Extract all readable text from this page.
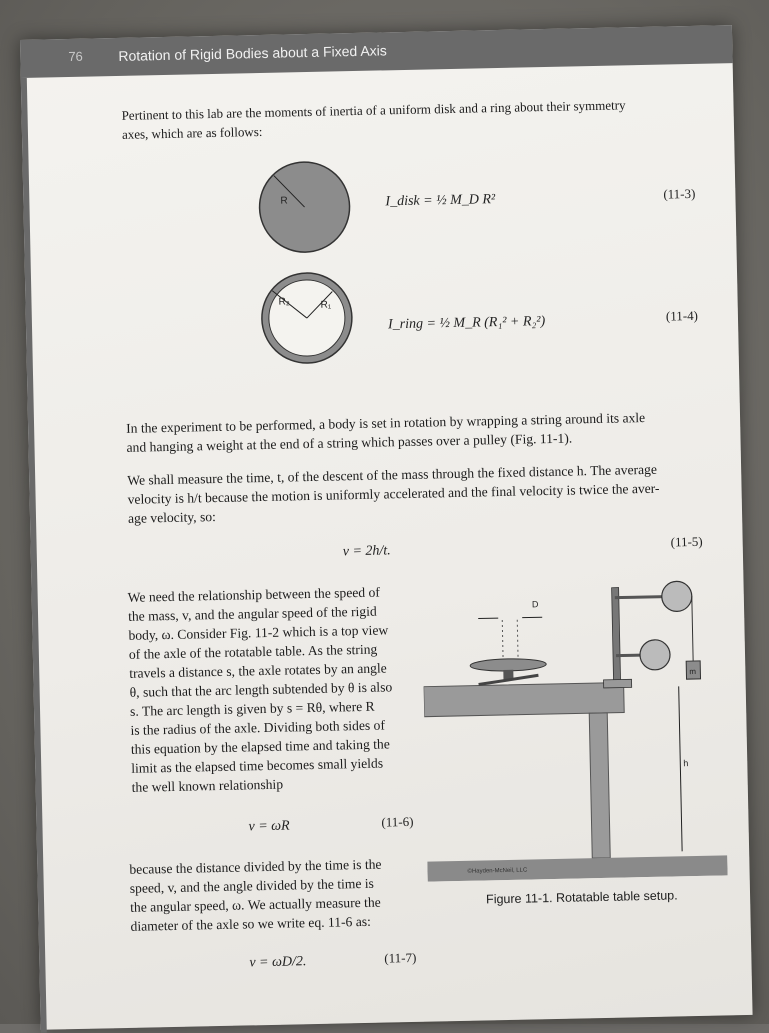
76	Rotation of Rigid Bodies about a Fixed Axis
Pertinent to this lab are the moments of inertia of a uniform disk and a ring about their symmetry
axes, which are as follows:
R	I_disk = ½ M_D R²	(11-3)
R₂	R₁
I_ring = ½ M_R (R₁² + R₂²)	(11-4)
In the experiment to be performed, a body is set in rotation by wrapping a string around its axle
and hanging a weight at the end of a string which passes over a pulley (Fig. 11-1).
We shall measure the time, t, of the descent of the mass through the fixed distance h. The average
velocity is h/t because the motion is uniformly accelerated and the final velocity is twice the aver-
age velocity, so:
v = 2h/t.
(11-5)
We need the relationship between the speed of
the mass, v, and the angular speed of the rigid
body, ω. Consider Fig. 11-2 which is a top view
of the axle of the rotatable table. As the string
travels a distance s, the axle rotates by an angle
θ, such that the arc length subtended by θ is also
s. The arc length is given by s = Rθ, where R
is the radius of the axle. Dividing both sides of
this equation by the elapsed time and taking the
limit as the elapsed time becomes small yields
the well known relationship
v = ωR	(11-6)
because the distance divided by the time is the
speed, v, and the angle divided by the time is
the angular speed, ω. We actually measure the
diameter of the axle so we write eq. 11-6 as:
v = ωD/2.	(11-7)
©Hayden-McNeil, LLC
D
m
h
Figure 11-1. Rotatable table setup.
